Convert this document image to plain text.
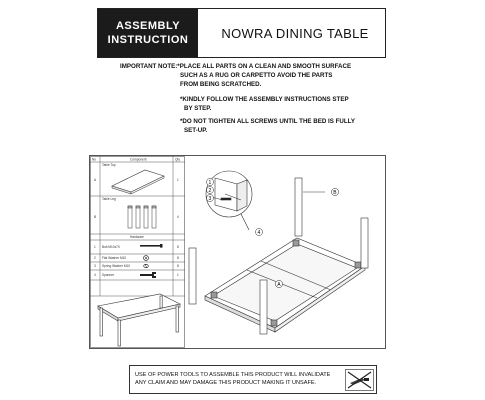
ASSEMBLY
INSTRUCTION	NOWRA DINING TABLE
IMPORTANT NOTE:*PLACE ALL PARTS ON A CLEAN AND SMOOTH SURFACE
SUCH AS A RUG OR CARPETTO AVOID THE PARTS
FROM BEING SCRATCHED.
*KINDLY FOLLOW THE ASSEMBLY INSTRUCTIONS STEP
BY STEP.
*DO NOT TIGHTEN ALL SCREWS UNTIL THE BED IS FULLY
SET-UP.
No	Component	Qty
Table Top
A	1
Table Leg
B	4
Hardware
1 Bolt M10x70	8
2 Flat Washer M10	8
3 Spring Washer M10	8
4 Spanner	1
1
2
3
4
B
A
USE OF POWER TOOLS TO ASSEMBLE THIS PRODUCT WILL INVALIDATE
ANY CLAIM AND MAY DAMAGE THIS PRODUCT MAKING IT UNSAFE.
